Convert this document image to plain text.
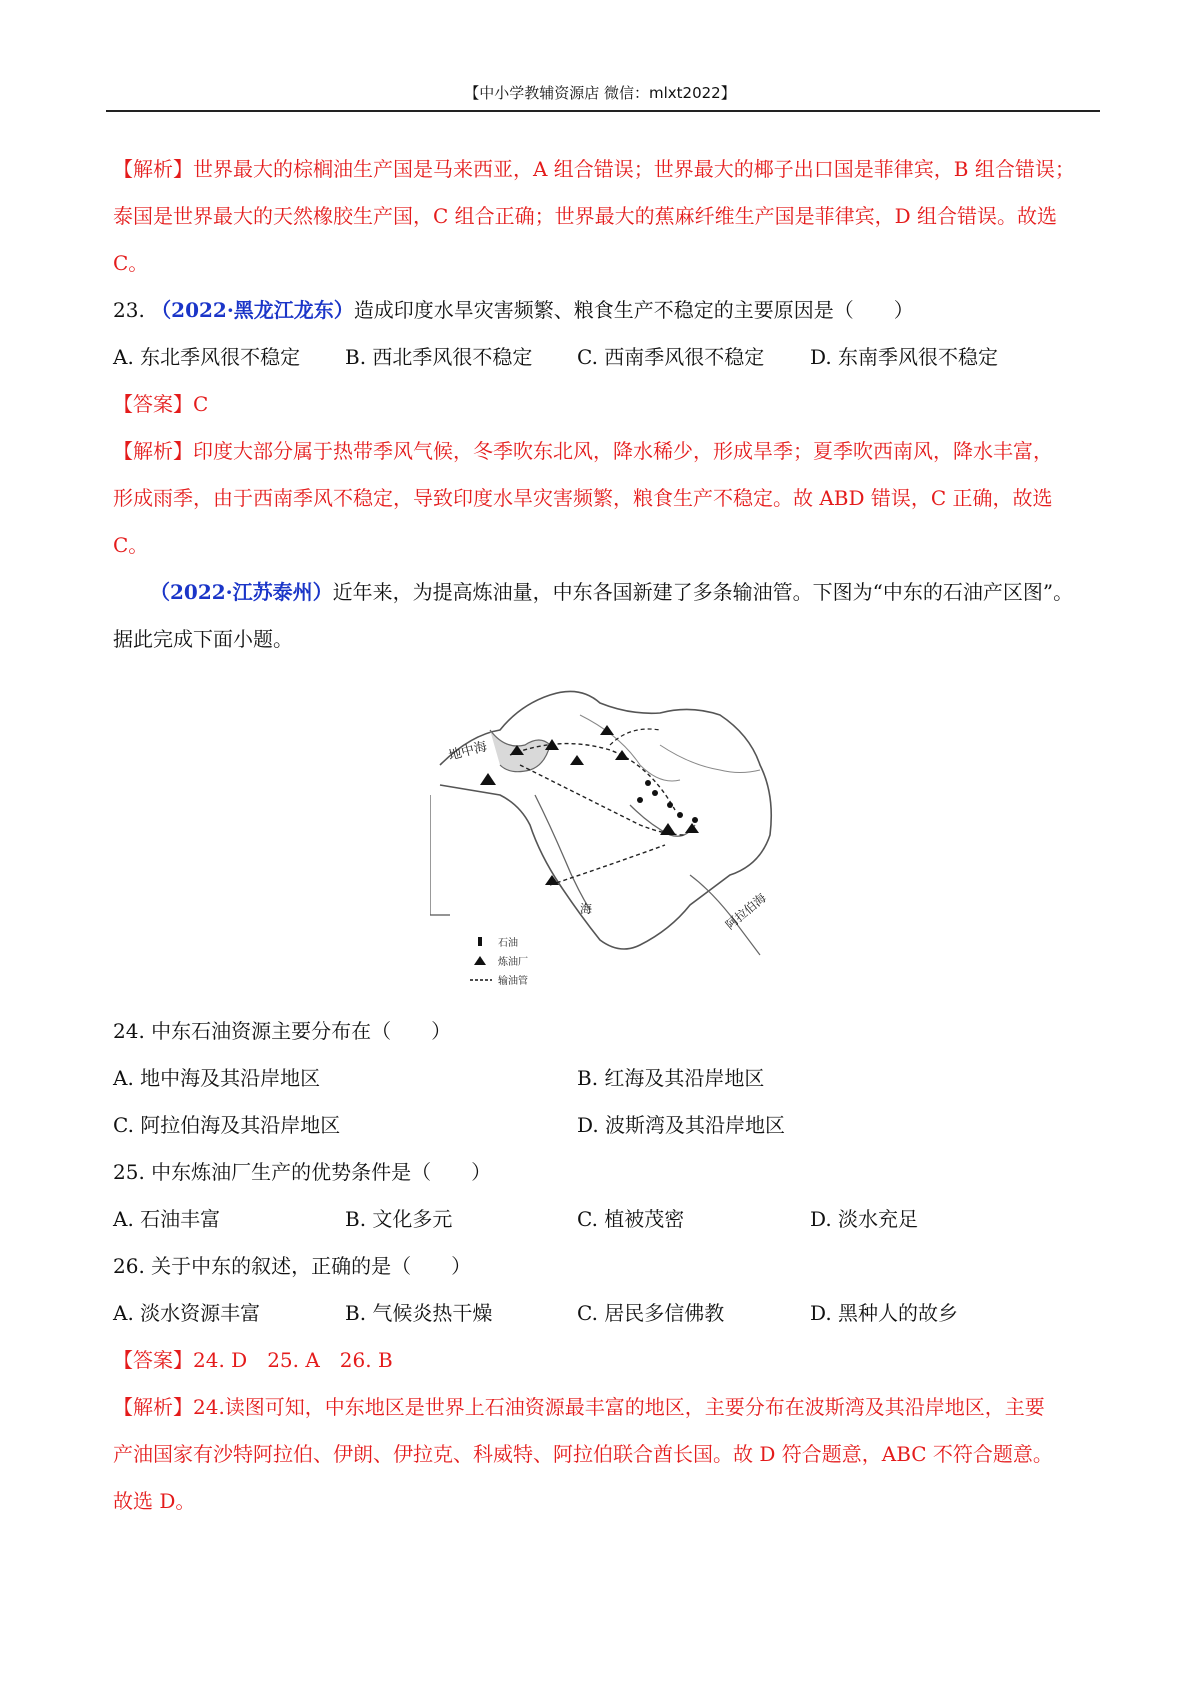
【中小学教辅资源店 微信：mlxt2022】
【解析】世界最大的棕榈油生产国是马来西亚，A 组合错误；世界最大的椰子出口国是菲律宾，B 组合错误；
泰国是世界最大的天然橡胶生产国，C 组合正确；世界最大的蕉麻纤维生产国是菲律宾，D 组合错误。故选
C。
23. （2022·黑龙江龙东）造成印度水旱灾害频繁、粮食生产不稳定的主要原因是（　　）
A. 东北季风很不稳定 B. 西北季风很不稳定 C. 西南季风很不稳定 D. 东南季风很不稳定
【答案】C
【解析】印度大部分属于热带季风气候，冬季吹东北风，降水稀少，形成旱季；夏季吹西南风，降水丰富，
形成雨季，由于西南季风不稳定，导致印度水旱灾害频繁，粮食生产不稳定。故 ABD 错误，C 正确，故选
C。
（2022·江苏泰州）近年来，为提高炼油量，中东各国新建了多条输油管。下图为“中东的石油产区图”。
据此完成下面小题。
地中海
阿拉伯海
海
石油
炼油厂
输油管
24. 中东石油资源主要分布在（　　）
A. 地中海及其沿岸地区	B. 红海及其沿岸地区
C. 阿拉伯海及其沿岸地区	D. 波斯湾及其沿岸地区
25. 中东炼油厂生产的优势条件是（　　）
A. 石油丰富	B. 文化多元	C. 植被茂密	D. 淡水充足
26. 关于中东的叙述，正确的是（　　）
A. 淡水资源丰富	B. 气候炎热干燥	C. 居民多信佛教	D. 黑种人的故乡
【答案】24. D　25. A　26. B
【解析】24.读图可知，中东地区是世界上石油资源最丰富的地区，主要分布在波斯湾及其沿岸地区，主要
产油国家有沙特阿拉伯、伊朗、伊拉克、科威特、阿拉伯联合酋长国。故 D 符合题意，ABC 不符合题意。
故选 D。
